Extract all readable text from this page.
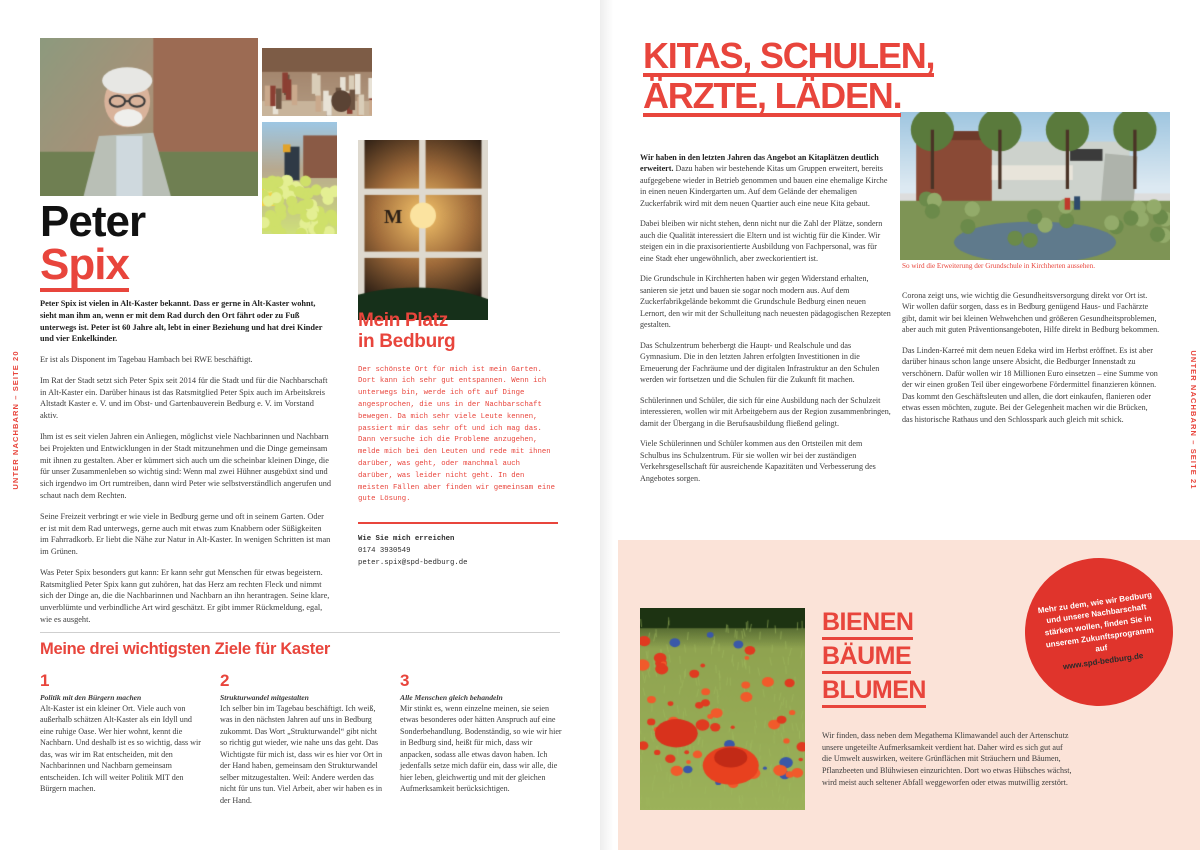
UNTER NACHBARN – SEITE 20
Peter
Spix

Peter Spix ist vielen in Alt-Kaster bekannt. Dass er gerne in Alt-Kaster wohnt, sieht man ihm an, wenn er mit dem Rad durch den Ort fährt oder zu Fuß unterwegs ist. Peter ist 60 Jahre alt, lebt in einer Beziehung und hat drei Kinder und vier Enkelkinder.

Er ist als Disponent im Tagebau Hambach bei RWE beschäftigt.

Im Rat der Stadt setzt sich Peter Spix seit 2014 für die Stadt und für die Nachbarschaft in Alt-Kaster ein. Darüber hinaus ist das Ratsmitglied Peter Spix auch im Arbeitskreis Altstadt Kaster e. V. und im Obst- und Gartenbauverein Bedburg e. V. im Vorstand aktiv.

Ihm ist es seit vielen Jahren ein Anliegen, möglichst viele Nachbarinnen und Nachbarn bei Projekten und Entwicklungen in der Stadt mitzunehmen und die Dinge gemeinsam mit ihnen zu gestalten. Aber er kümmert sich auch um die scheinbar kleinen Dinge, die für unser Zusammenleben so wichtig sind: Wenn mal zwei Hühner ausgebüxt sind und sich irgendwo im Ort rumtreiben, dann wird Peter wie selbstverständlich angerufen und schaut nach dem Rechten.

Seine Freizeit verbringt er wie viele in Bedburg gerne und oft in seinem Garten. Oder er ist mit dem Rad unterwegs, gerne auch mit etwas zum Knabbern oder Süßigkeiten im Fahrradkorb. Er liebt die Nähe zur Natur in Alt-Kaster. In wenigen Schritten ist man im Grünen.

Was Peter Spix besonders gut kann: Er kann sehr gut Menschen für etwas begeistern. Ratsmitglied Peter Spix kann gut zuhören, hat das Herz am rechten Fleck und nimmt sich der Dinge an, die die Nachbarinnen und Nachbarn an ihn herantragen. Seine klare, unverblümte und verbindliche Art wird geschätzt. Er gibt immer Rückmeldung, egal, wie es ausgeht.

Mein Platz
in Bedburg

Der schönste Ort für mich ist mein Garten. Dort kann ich sehr gut entspannen. Wenn ich unterwegs bin, werde ich oft auf Dinge angesprochen, die uns in der Nachbarschaft bewegen. Da mich sehr viele Leute kennen, passiert mir das sehr oft und ich mag das. Dann versuche ich die Probleme anzugehen, melde mich bei den Leuten und rede mit ihnen darüber, was geht, oder manchmal auch darüber, was leider nicht geht. In den meisten Fällen aber finden wir gemeinsam eine gute Lösung.

Wie Sie mich erreichen
0174 3930549
peter.spix@spd-bedburg.de

Meine drei wichtigsten Ziele für Kaster

1

Politik mit den Bürgern machen

Alt-Kaster ist ein kleiner Ort. Viele auch von außerhalb schätzen Alt-Kaster als ein Idyll und eine ruhige Oase. Wer hier wohnt, kennt die Nachbarn. Und deshalb ist es so wichtig, dass wir das, was wir im Rat entscheiden, mit den Nachbarinnen und Nachbarn gemeinsam entscheiden. Ich will weiter Politik MIT den Bürgern machen.

2

Strukturwandel mitgestalten

Ich selber bin im Tagebau beschäftigt. Ich weiß, was in den nächsten Jahren auf uns in Bedburg zukommt. Das Wort „Strukturwandel“ gibt nicht so richtig gut wieder, wie nahe uns das geht. Das Wichtigste für mich ist, dass wir es hier vor Ort in der Hand haben, gemeinsam den Strukturwandel selber mitzugestalten. Weil: Andere werden das nicht für uns tun. Viel Arbeit, aber wir haben es in der Hand.

3

Alle Menschen gleich behandeln

Mir stinkt es, wenn einzelne meinen, sie seien etwas besonderes oder hätten Anspruch auf eine Sonderbehandlung. Bodenständig, so wie wir hier in Bedburg sind, heißt für mich, dass wir anpacken, sodass alle etwas davon haben. Ich jedenfalls setze mich dafür ein, dass wir alle, die hier leben, gleichwertig und mit der gleichen Aufmerksamkeit berücksichtigen.

UNTER NACHBARN – SEITE 21
KITAS, SCHULEN,
ÄRZTE, LÄDEN.

So wird die Erweiterung der Grundschule in Kirchherten aussehen.

Wir haben in den letzten Jahren das Angebot an Kitaplätzen deutlich erweitert. Dazu haben wir bestehende Kitas um Gruppen erweitert, bereits aufgegebene wieder in Betrieb genommen und bauen eine ehemalige Kirche in einen neuen Kindergarten um. Auf dem Gelände der ehemaligen Zuckerfabrik wird mit dem neuen Quartier auch eine neue Kita gebaut.

Dabei bleiben wir nicht stehen, denn nicht nur die Zahl der Plätze, sondern auch die Qualität interessiert die Eltern und ist wichtig für die Kinder. Wir steigen ein in die praxisorientierte Ausbildung von Fachpersonal, was für eine Stadt eher ungewöhnlich, aber zweckorientiert ist.

Die Grundschule in Kirchherten haben wir gegen Widerstand erhalten, sanieren sie jetzt und bauen sie sogar noch modern aus. Auf dem Zuckerfabrikgelände bekommt die Grundschule Bedburg einen neuen Lernort, den wir mit der Schulleitung nach neuesten pädagogischen Rezepten gestalten.

Das Schulzentrum beherbergt die Haupt- und Realschule und das Gymnasium. Die in den letzten Jahren erfolgten Investitionen in die Erneuerung der Fachräume und der digitalen Infrastruktur an den Schulen werden wir fortsetzen und die Schulen für die Zukunft fit machen.

Schülerinnen und Schüler, die sich für eine Ausbildung nach der Schulzeit interessieren, wollen wir mit Arbeitgebern aus der Region zusammenbringen, damit der Übergang in die Berufsausbildung fließend gelingt.

Viele Schülerinnen und Schüler kommen aus den Ortsteilen mit dem Schulbus ins Schulzentrum. Für sie wollen wir bei der zuständigen Verkehrsgesellschaft für ausreichende Kapazitäten und Verbesserung des Angebotes sorgen.

Corona zeigt uns, wie wichtig die Gesundheitsversorgung direkt vor Ort ist. Wir wollen dafür sorgen, dass es in Bedburg genügend Haus- und Fachärzte gibt, damit wir bei kleinen Wehwehchen und größeren Gesundheitsproblemen, aber auch mit guten Präventionsangeboten, Hilfe direkt in Bedburg bekommen.

Das Linden-Karreé mit dem neuen Edeka wird im Herbst eröffnet. Es ist aber darüber hinaus schon lange unsere Absicht, die Bedburger Innenstadt zu verschönern. Dafür wollen wir 18 Millionen Euro einsetzen – eine Summe von der wir einen großen Teil über eingeworbene Fördermittel finanzieren können. Das kommt den Geschäftsleuten und allen, die dort einkaufen, flanieren oder etwas essen möchten, zugute. Bei der Gelegenheit machen wir die Brücken, das historische Rathaus und den Schlosspark auch gleich mit schick.

BIENEN
BÄUME
BLUMEN

Wir finden, dass neben dem Megathema Klimawandel auch der Artenschutz unsere ungeteilte Aufmerksamkeit verdient hat. Daher wird es sich gut auf die Umwelt auswirken, weitere Grünflächen mit Sträuchern und Bäumen, Pflanzbeeten und Blühwiesen einzurichten. Dort wo etwas Hübsches wächst, wird meist auch seltener Abfall weggeworfen oder etwas mutwillig zerstört.

Mehr zu dem, wie wir Bedburg und unsere Nachbarschaft stärken wollen, finden Sie in unserem Zukunftsprogramm auf
www.spd-bedburg.de
